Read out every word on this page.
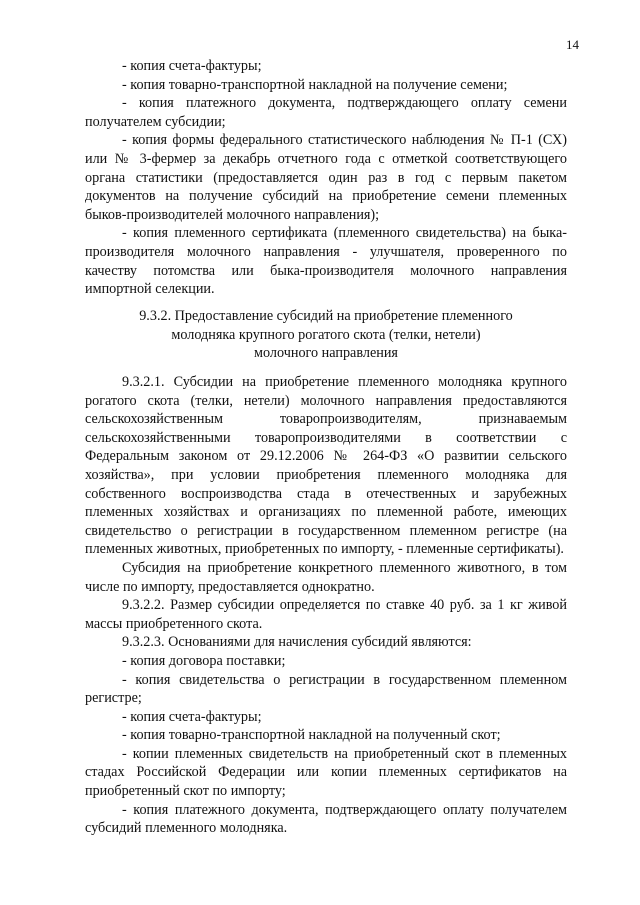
14

- копия счета-фактуры;

- копия товарно-транспортной накладной на получение семени;

- копия платежного документа, подтверждающего оплату семени получателем субсидии;

- копия формы федерального статистического наблюдения № П-1 (СХ) или № 3-фермер за декабрь отчетного года с отметкой соответствующего органа статистики (предоставляется один раз в год с первым пакетом документов на получение субсидий на приобретение семени племенных быков-производителей молочного направления);

- копия племенного сертификата (племенного свидетельства) на быка-производителя молочного направления - улучшателя, проверенного по качеству потомства или быка-производителя молочного направления импортной селекции.

9.3.2. Предоставление субсидий на приобретение племенного
молодняка крупного рогатого скота (телки, нетели)
молочного направления

9.3.2.1. Субсидии на приобретение племенного молодняка крупного рогатого скота (телки, нетели) молочного направления предоставляются сельскохозяйственным товаропроизводителям, признаваемым сельскохозяйственными товаропроизводителями в соответствии с Федеральным законом от 29.12.2006 № 264-ФЗ «О развитии сельского хозяйства», при условии приобретения племенного молодняка для собственного воспроизводства стада в отечественных и зарубежных племенных хозяйствах и организациях по племенной работе, имеющих свидетельство о регистрации в государственном племенном регистре (на племенных животных, приобретенных по импорту, - племенные сертификаты).

Субсидия на приобретение конкретного племенного животного, в том числе по импорту, предоставляется однократно.

9.3.2.2. Размер субсидии определяется по ставке 40 руб. за 1 кг живой массы приобретенного скота.

9.3.2.3. Основаниями для начисления субсидий являются:

- копия договора поставки;

- копия свидетельства о регистрации в государственном племенном регистре;

- копия счета-фактуры;

- копия товарно-транспортной накладной на полученный скот;

- копии племенных свидетельств на приобретенный скот в племенных стадах Российской Федерации или копии племенных сертификатов на приобретенный скот по импорту;

- копия платежного документа, подтверждающего оплату получателем субсидий племенного молодняка.
